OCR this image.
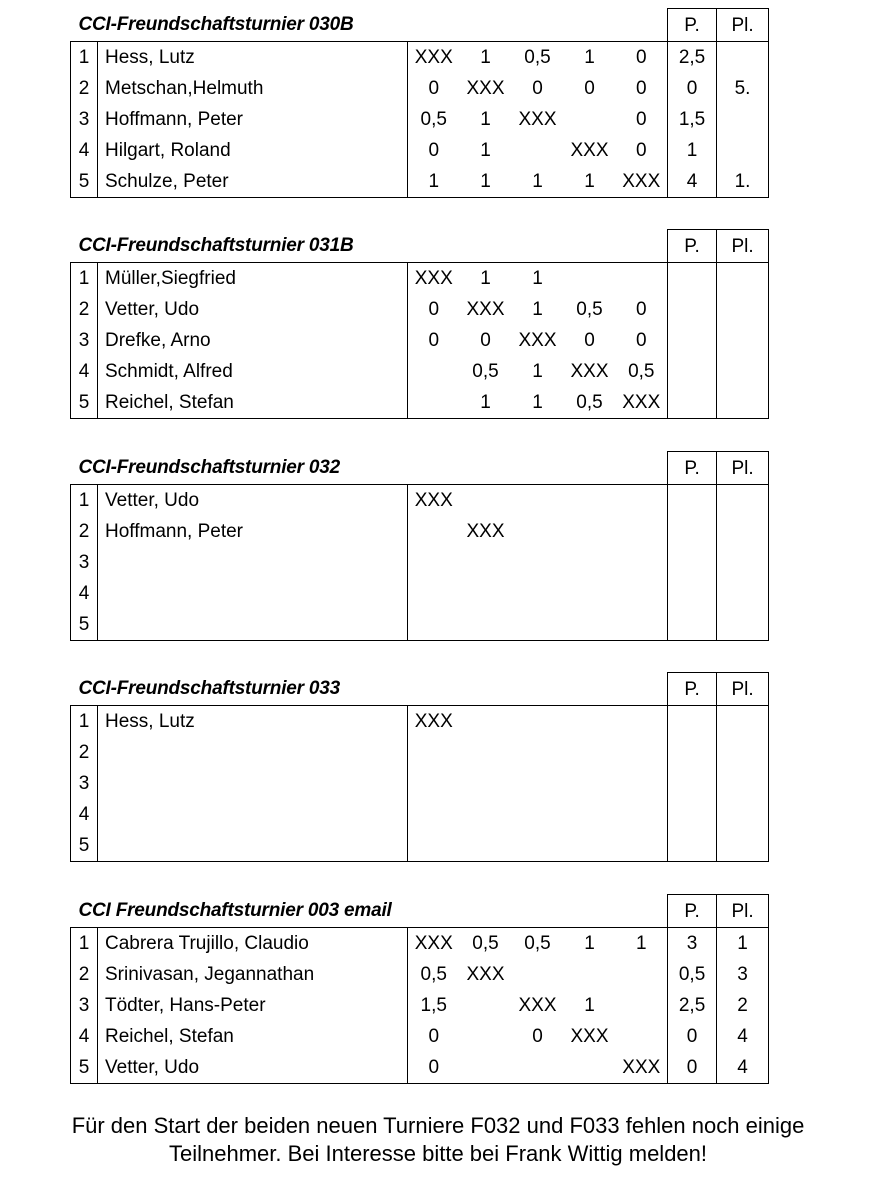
CCI-Freundschaftsturnier 030B							P.	Pl.
1	Hess, Lutz	XXX	1	0,5	1	0	2,5	
2	Metschan,Helmuth	0	XXX	0	0	0	0	5.
3	Hoffmann, Peter	0,5	1	XXX		0	1,5	
4	Hilgart, Roland	0	1		XXX	0	1	
5	Schulze, Peter	1	1	1	1	XXX	4	1.
CCI-Freundschaftsturnier 031B							P.	Pl.
1	Müller,Siegfried	XXX	1	1				
2	Vetter, Udo	0	XXX	1	0,5	0		
3	Drefke, Arno	0	0	XXX	0	0		
4	Schmidt, Alfred		0,5	1	XXX	0,5		
5	Reichel, Stefan		1	1	0,5	XXX		
CCI-Freundschaftsturnier 032							P.	Pl.
1	Vetter, Udo	XXX						
2	Hoffmann, Peter		XXX					
3								
4								
5								
CCI-Freundschaftsturnier 033							P.	Pl.
1	Hess, Lutz	XXX						
2								
3								
4								
5								
CCI Freundschaftsturnier 003 email							P.	Pl.
1	Cabrera Trujillo, Claudio	XXX	0,5	0,5	1	1	3	1
2	Srinivasan, Jegannathan	0,5	XXX				0,5	3
3	Tödter, Hans-Peter	1,5		XXX	1		2,5	2
4	Reichel, Stefan	0		0	XXX		0	4
5	Vetter, Udo	0				XXX	0	4
Für den Start der beiden neuen Turniere F032 und F033 fehlen noch einige
Teilnehmer. Bei Interesse bitte bei Frank Wittig melden!
